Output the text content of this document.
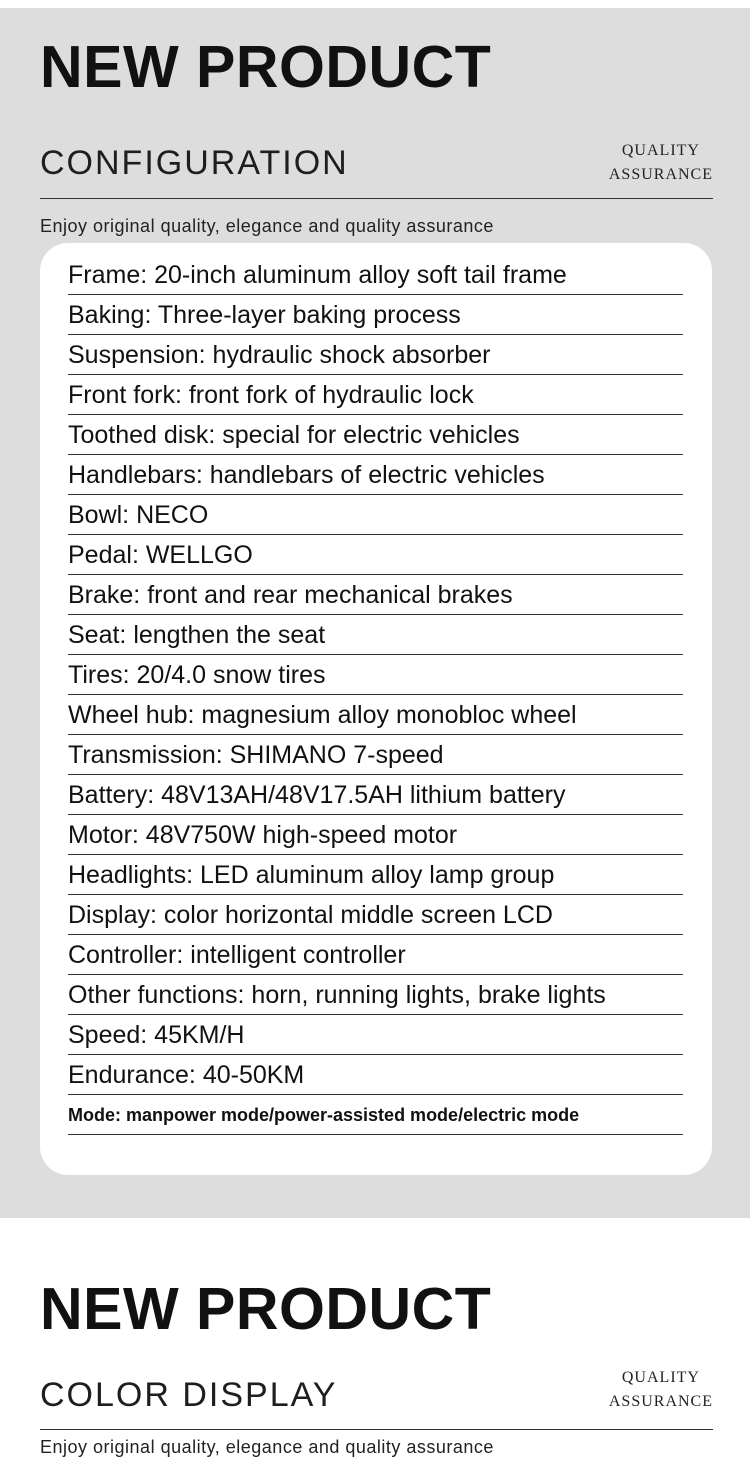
NEW PRODUCT
CONFIGURATION	QUALITY
ASSURANCE
Enjoy original quality, elegance and quality assurance
Frame: 20-inch aluminum alloy soft tail frame
Baking: Three-layer baking process
Suspension: hydraulic shock absorber
Front fork: front fork of hydraulic lock
Toothed disk: special for electric vehicles
Handlebars: handlebars of electric vehicles
Bowl: NECO
Pedal: WELLGO
Brake: front and rear mechanical brakes
Seat: lengthen the seat
Tires: 20/4.0 snow tires
Wheel hub: magnesium alloy monobloc wheel
Transmission: SHIMANO 7-speed
Battery: 48V13AH/48V17.5AH lithium battery
Motor: 48V750W high-speed motor
Headlights: LED aluminum alloy lamp group
Display: color horizontal middle screen LCD
Controller: intelligent controller
Other functions: horn, running lights, brake lights
Speed: 45KM/H
Endurance: 40-50KM
Mode: manpower mode/power-assisted mode/electric mode
NEW PRODUCT
COLOR DISPLAY	QUALITY
ASSURANCE
Enjoy original quality, elegance and quality assurance
